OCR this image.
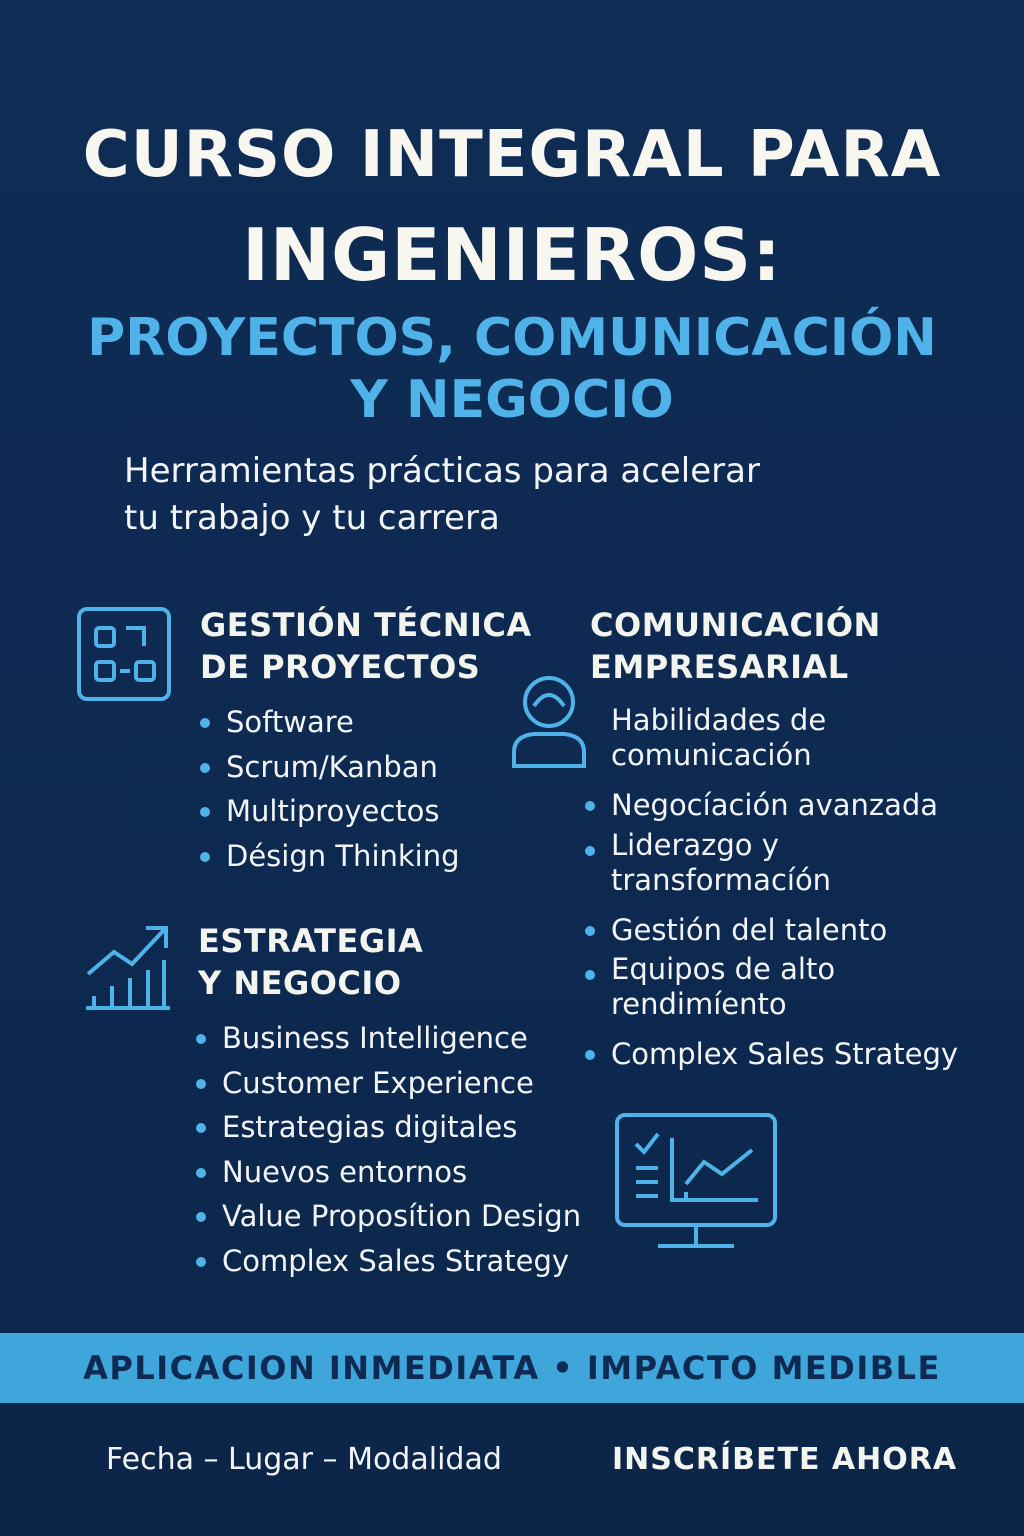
CURSO INTEGRAL PARA
INGENIEROS:
PROYECTOS, COMUNICACIÓN
Y NEGOCIO
Herramientas prácticas para acelerar
tu trabajo y tu carrera
GESTIÓN TÉCNICA
DE PROYECTOS
Software
Scrum/Kanban
Multiproyectos
Désign Thinking
COMUNICACIÓN
EMPRESARIAL
Habilidades de comunicación
Negocíación avanzada
Liderazgo y transformacíón
Gestión del talento
Equipos de alto rendimíento
Complex Sales Strategy
ESTRATEGIA
Y NEGOCIO
Business Intelligence
Customer Experience
Estrategias digitales
Nuevos entornos
Value Proposítion Design
Complex Sales Strategy
APLICACION INMEDIATA • IMPACTO MEDIBLE
Fecha – Lugar – Modalidad	INSCRÍBETE AHORA
